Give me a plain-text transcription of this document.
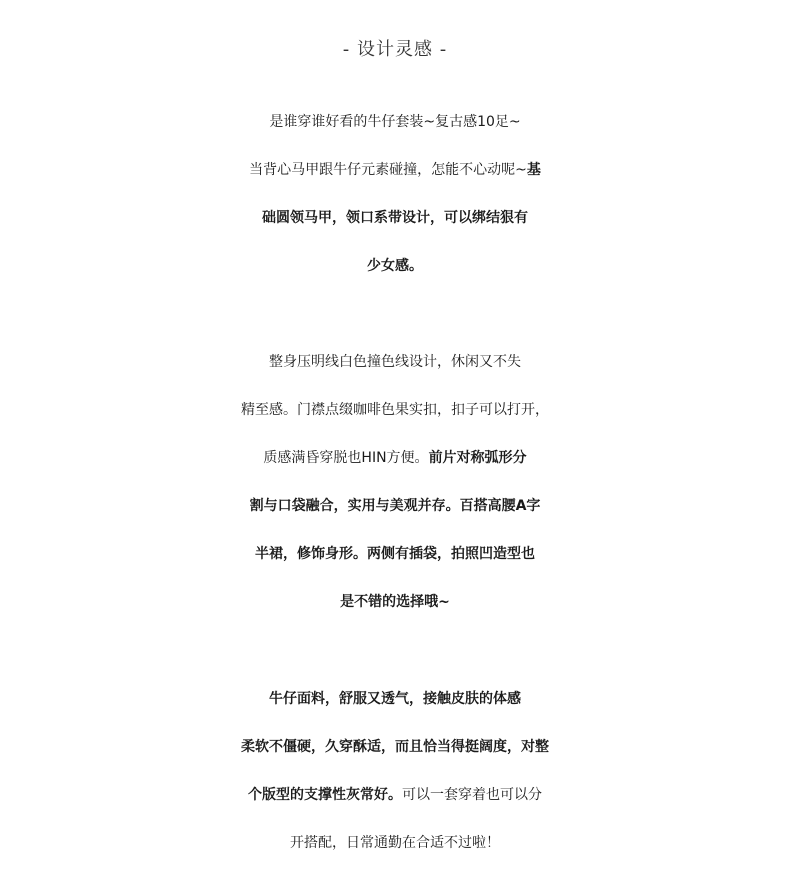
- 设计灵感 -
是谁穿谁好看的牛仔套装~复古感10足~
当背心马甲跟牛仔元素碰撞，怎能不心动呢~基
础圆领马甲，领口系带设计，可以绑结狠有
少女感。
整身压明线白色撞色线设计，休闲又不失
精至感。门襟点缀咖啡色果实扣，扣子可以打开，
质感满昏穿脱也HIN方便。前片对称弧形分
割与口袋融合，实用与美观并存。百搭高腰A字
半裙，修饰身形。两侧有插袋，拍照凹造型也
是不错的选择哦~
牛仔面料，舒服又透气，接触皮肤的体感
柔软不僵硬，久穿酥适，而且恰当得挺阔度，对整
个版型的支撑性灰常好。可以一套穿着也可以分
开搭配，日常通勤在合适不过啦！
